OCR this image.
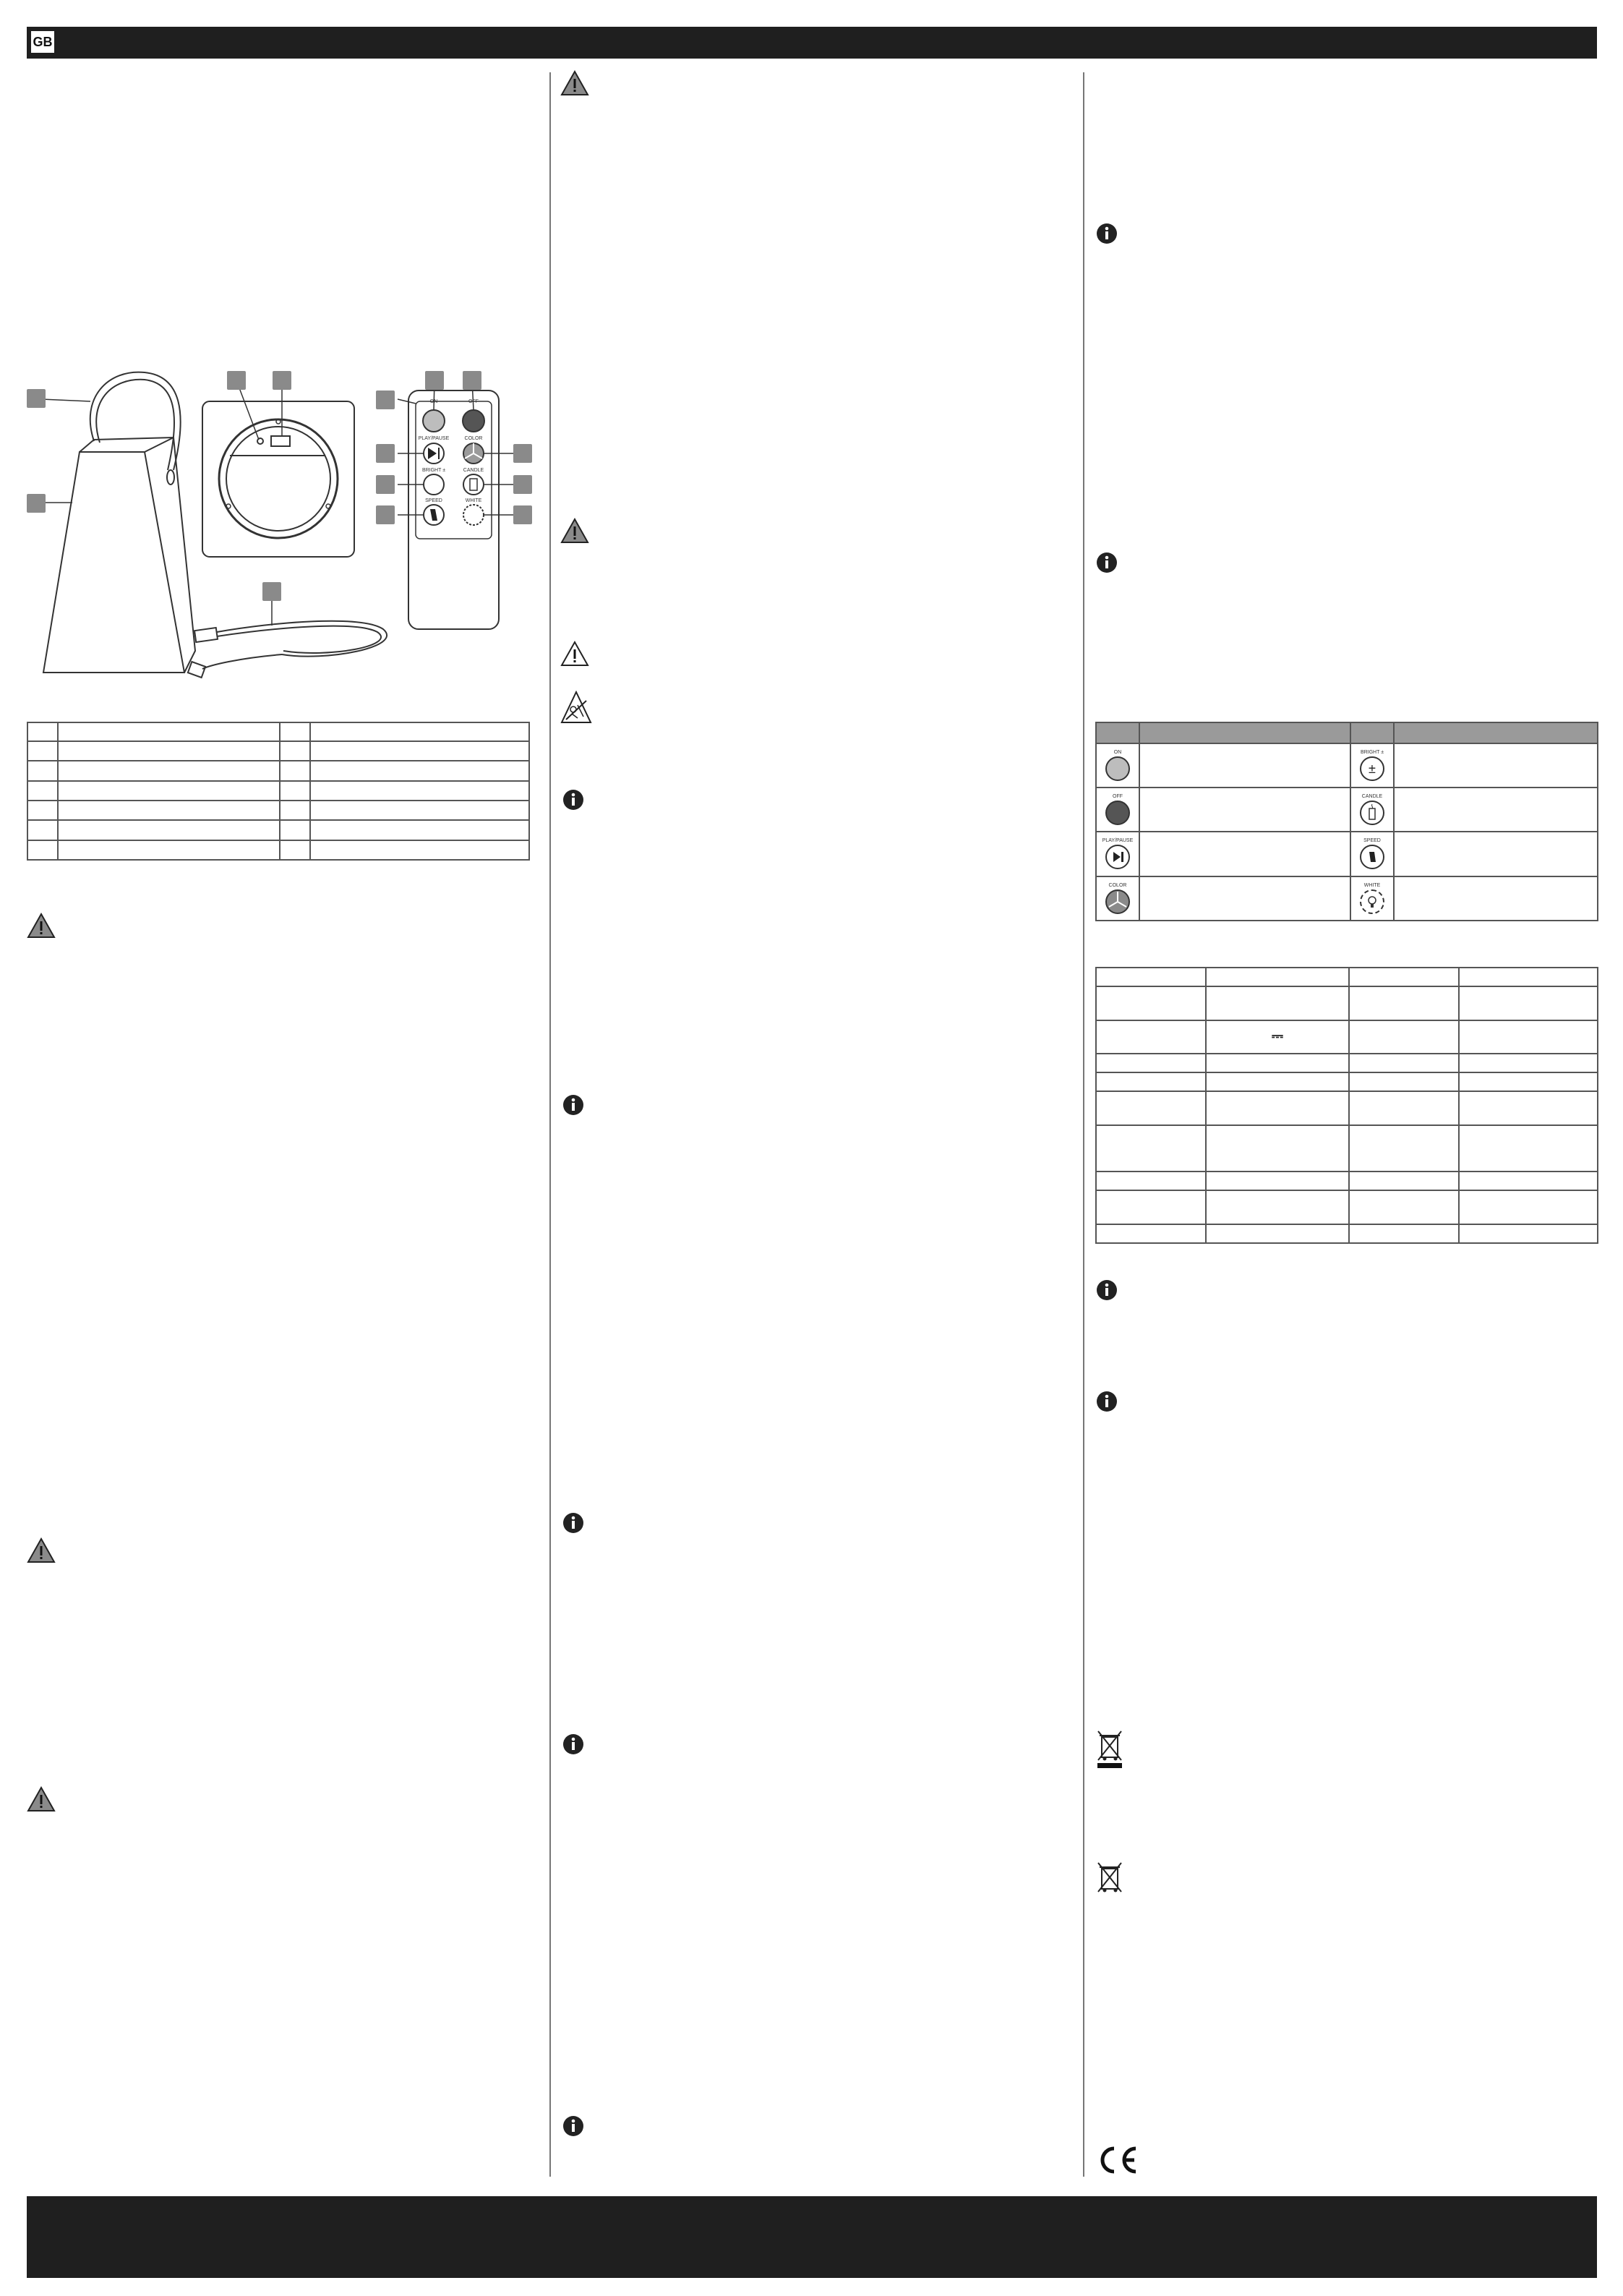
GB
ON	OFF
PLAY/PAUSE	COLOR
BRIGHT ±	CANDLE
SPEED	WHITE

ON		BRIGHT ±
±	

OFF		CANDLE	

PLAY/PAUSE		SPEED	

COLOR		WHITE	

	⎓		
